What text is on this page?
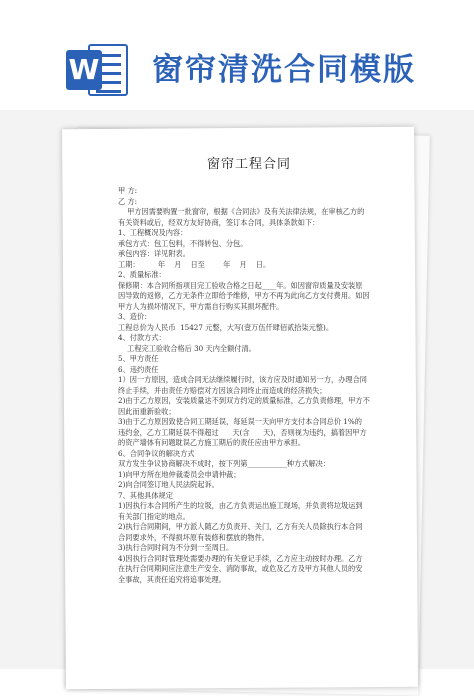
W 窗帘清洗合同模版
窗帘工程合同
甲 方:
乙 方:
甲方因需要购置一批窗帘，根据《合同法》及有关法律法规，在审核乙方的
有关资料或后，经双方友好协商，签订本合同，具体条款如下：
1、工程概况及内容：
承包方式：包工包料，不得转包、分包。
承包内容：详见附表。
工期：        年    月    日至        年    月    日。
2、质量标准：
保修期：本合同所指项目完工验收合格之日起____年。如因窗帘质量及安装原
因导致的返修，乙方无条件立即给予维修，甲方不再为此向乙方支付费用。如因
甲方人为损坏情况下，甲方需自行购买其损坏配件。
3、造价：
工程总价为人民币  15427 元整，大写(壹万伍仟肆佰贰拾柒元整)。
4、付款方式：
工程完工验收合格后 30 天内全额付清。
5、甲方责任
6、违约责任
1）因一方原因，造成合同无法继续履行时，该方应及时通知另一方，办理合同
终止手续，并由责任方赔偿对方因该合同终止而造成的经济损失；
2)由于乙方原因，安装质量达不到双方约定的质量标准，乙方负责修理，甲方不
因此而重新验收；
3)由于乙方原因致使合同工期延误，每延误一天向甲方支付本合同总价 1%的
违约金，乙方工期延误不得超过      天(含      天)，否则视为违约，搞着因甲方
的资产墙体有问题耽误乙方施工期后的责任应由甲方承担。
6、合同争议的解决方式
双方发生争议协商解决不成时，按下列第___________种方式解决：
1)向甲方所在地仲裁委员会申请仲裁；
2)向合同签订地人民法院起诉。
7、其他具体规定
1)因执行本合同所产生的垃圾，由乙方负责运出施工现场，并负责将垃圾运到
有关部门指定的地点。
2)执行合同期间，甲方派人随乙方负责开、关门，乙方有关人员除执行本合同
合同要求外，不得损坏原有装修和摆放的物件。
3)执行合同时间为不分到一至周日。
4)因执行合同时管理处需要办理的有关登记手续，乙方应主动按时办理。乙方
在执行合同期间应注意生产安全、消防事故，或危及乙方及甲方其他人员的安
全事故，其责任追究将追事处理。
